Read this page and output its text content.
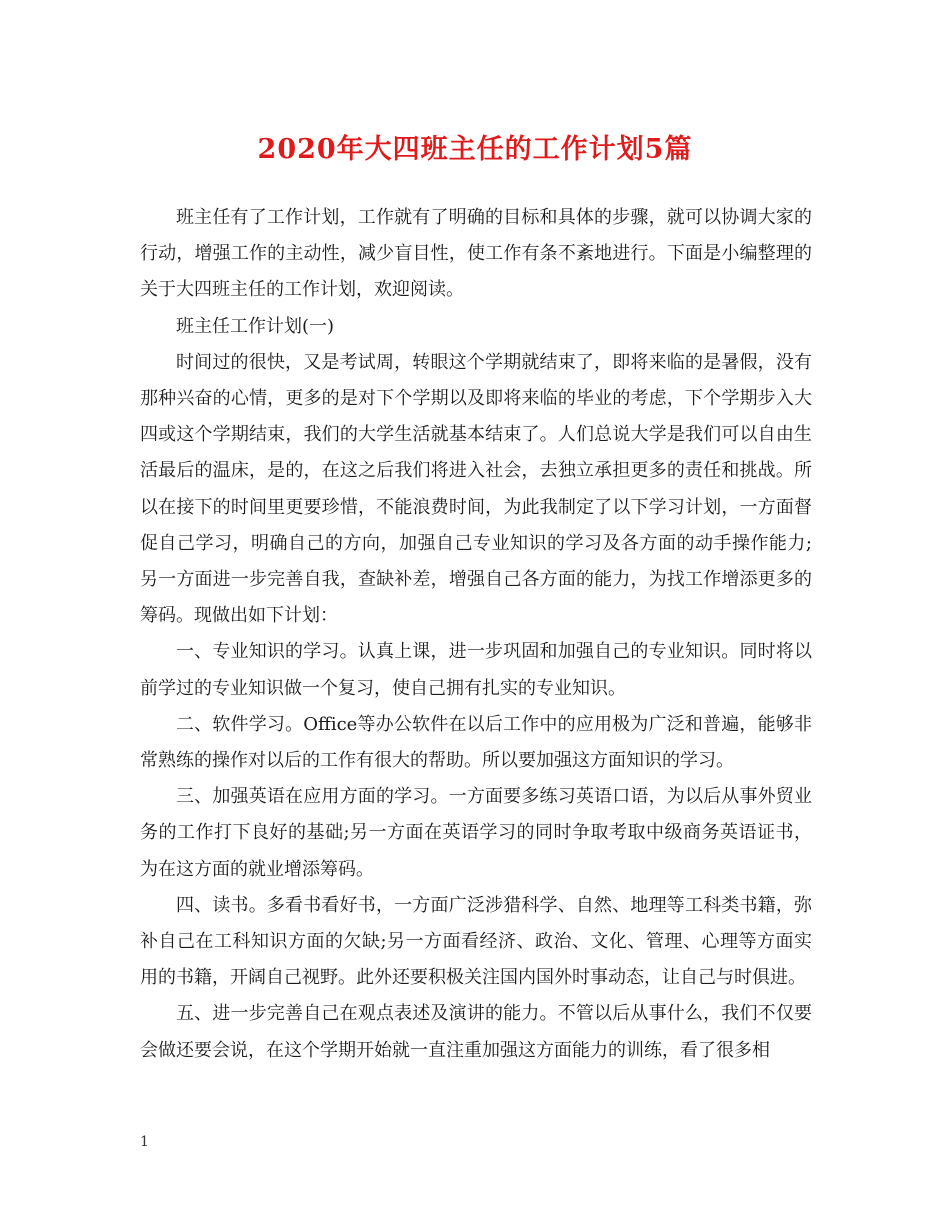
2020年大四班主任的工作计划5篇

班主任有了工作计划，工作就有了明确的目标和具体的步骤，就可以协调大家的行动，增强工作的主动性，减少盲目性，使工作有条不紊地进行。下面是小编整理的关于大四班主任的工作计划，欢迎阅读。

班主任工作计划(一)

时间过的很快，又是考试周，转眼这个学期就结束了，即将来临的是暑假，没有那种兴奋的心情，更多的是对下个学期以及即将来临的毕业的考虑，下个学期步入大四或这个学期结束，我们的大学生活就基本结束了。人们总说大学是我们可以自由生活最后的温床，是的，在这之后我们将进入社会，去独立承担更多的责任和挑战。所以在接下的时间里更要珍惜，不能浪费时间，为此我制定了以下学习计划，一方面督促自己学习，明确自己的方向，加强自己专业知识的学习及各方面的动手操作能力;另一方面进一步完善自我，查缺补差，增强自己各方面的能力，为找工作增添更多的筹码。现做出如下计划：

一、专业知识的学习。认真上课，进一步巩固和加强自己的专业知识。同时将以前学过的专业知识做一个复习，使自己拥有扎实的专业知识。

二、软件学习。Office等办公软件在以后工作中的应用极为广泛和普遍，能够非常熟练的操作对以后的工作有很大的帮助。所以要加强这方面知识的学习。

三、加强英语在应用方面的学习。一方面要多练习英语口语，为以后从事外贸业务的工作打下良好的基础;另一方面在英语学习的同时争取考取中级商务英语证书，为在这方面的就业增添筹码。

四、读书。多看书看好书，一方面广泛涉猎科学、自然、地理等工科类书籍，弥补自己在工科知识方面的欠缺;另一方面看经济、政治、文化、管理、心理等方面实用的书籍，开阔自己视野。此外还要积极关注国内国外时事动态，让自己与时俱进。

五、进一步完善自己在观点表述及演讲的能力。不管以后从事什么，我们不仅要会做还要会说，在这个学期开始就一直注重加强这方面能力的训练，看了很多相

1
